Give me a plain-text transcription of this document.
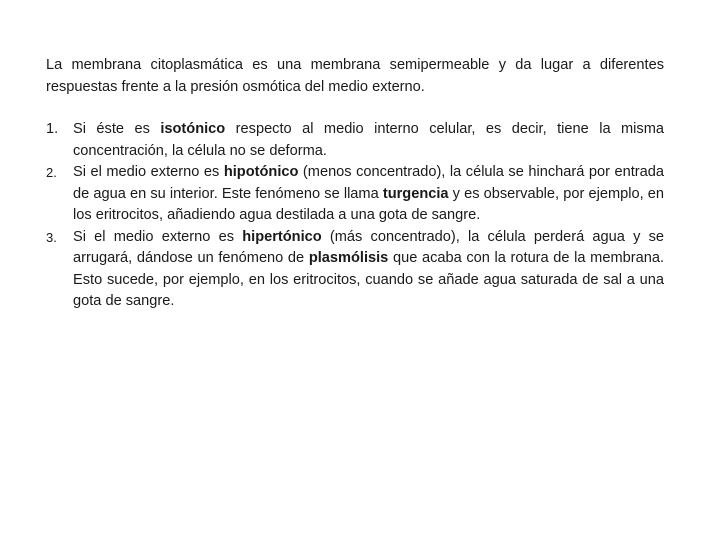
La membrana citoplasmática es una membrana semipermeable y da lugar a diferentes respuestas frente a la presión osmótica del medio externo.

1.	Si éste es isotónico respecto al medio interno celular, es decir, tiene la misma concentración, la célula no se deforma.
2.	Si el medio externo es hipotónico (menos concentrado), la célula se hinchará por entrada de agua en su interior. Este fenómeno se llama turgencia y es observable, por ejemplo, en los eritrocitos, añadiendo agua destilada a una gota de sangre.
3.	Si el medio externo es hipertónico (más concentrado), la célula perderá agua y se arrugará, dándose un fenómeno de plasmólisis que acaba con la rotura de la membrana. Esto sucede, por ejemplo, en los eritrocitos, cuando se añade agua saturada de sal a una gota de sangre.
